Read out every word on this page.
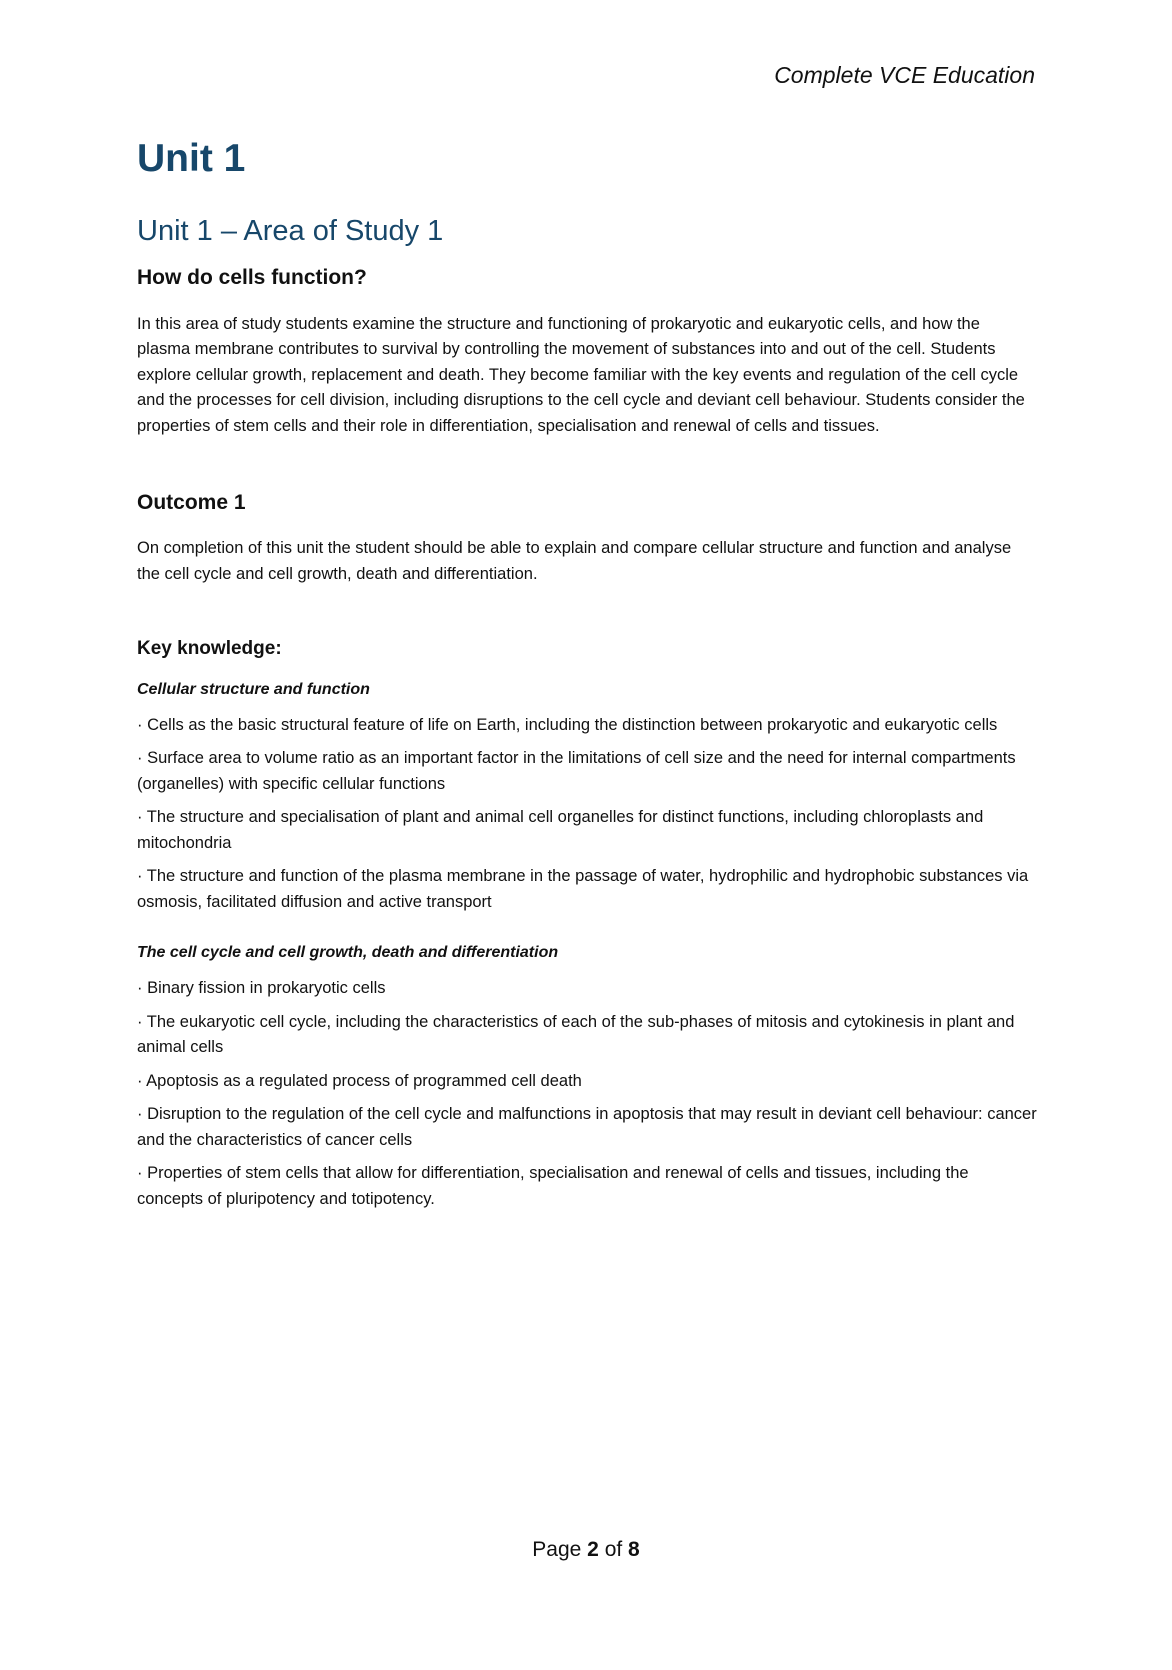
Complete VCE Education
Unit 1
Unit 1 – Area of Study 1
How do cells function?

In this area of study students examine the structure and functioning of prokaryotic and eukaryotic cells, and how the plasma membrane contributes to survival by controlling the movement of substances into and out of the cell. Students explore cellular growth, replacement and death. They become familiar with the key events and regulation of the cell cycle and the processes for cell division, including disruptions to the cell cycle and deviant cell behaviour. Students consider the properties of stem cells and their role in differentiation, specialisation and renewal of cells and tissues.

Outcome 1

On completion of this unit the student should be able to explain and compare cellular structure and function and analyse the cell cycle and cell growth, death and differentiation.

Key knowledge:
Cellular structure and function
· Cells as the basic structural feature of life on Earth, including the distinction between prokaryotic and eukaryotic cells
· Surface area to volume ratio as an important factor in the limitations of cell size and the need for internal compartments (organelles) with specific cellular functions
· The structure and specialisation of plant and animal cell organelles for distinct functions, including chloroplasts and mitochondria
· The structure and function of the plasma membrane in the passage of water, hydrophilic and hydrophobic substances via osmosis, facilitated diffusion and active transport
The cell cycle and cell growth, death and differentiation
· Binary fission in prokaryotic cells
· The eukaryotic cell cycle, including the characteristics of each of the sub-phases of mitosis and cytokinesis in plant and animal cells
· Apoptosis as a regulated process of programmed cell death
· Disruption to the regulation of the cell cycle and malfunctions in apoptosis that may result in deviant cell behaviour: cancer and the characteristics of cancer cells
· Properties of stem cells that allow for differentiation, specialisation and renewal of cells and tissues, including the concepts of pluripotency and totipotency.
Page 2 of 8
